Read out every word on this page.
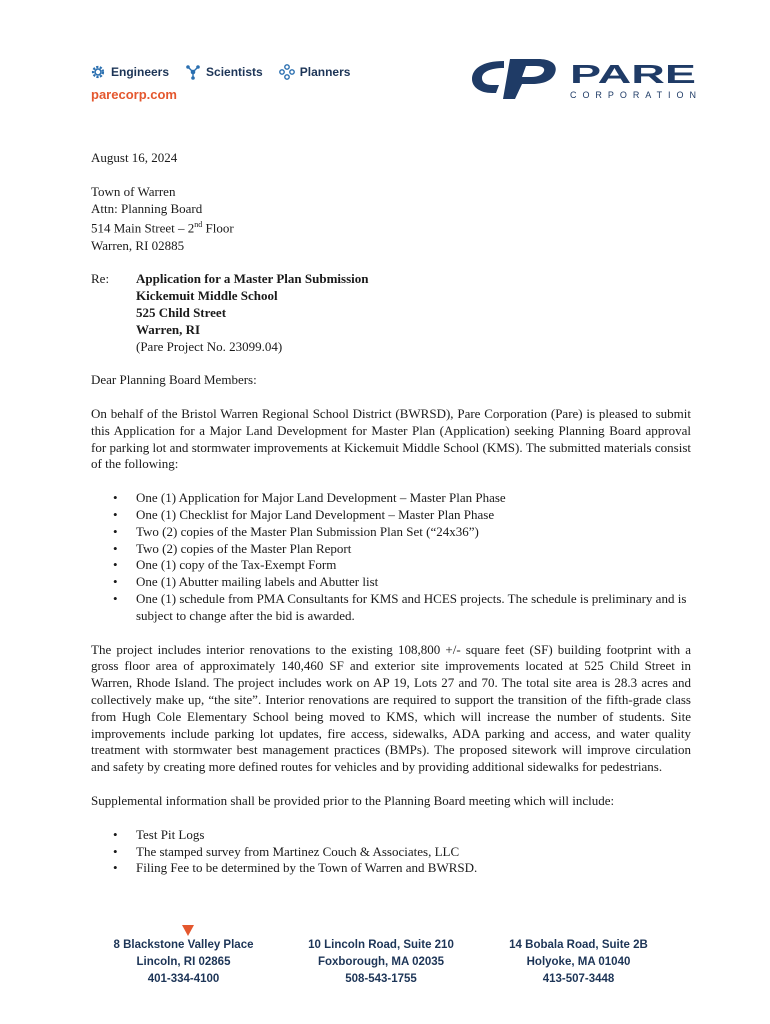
Engineers	Scientists	Planners
parecorp.com
PARE
CORPORATION

August 16, 2024

Town of Warren

Attn: Planning Board

514 Main Street – 2nd Floor

Warren, RI 02885

Re:	Application for a Master Plan Submission
Kickemuit Middle School
525 Child Street
Warren, RI
(Pare Project No. 23099.04)

Dear Planning Board Members:

On behalf of the Bristol Warren Regional School District (BWRSD), Pare Corporation (Pare) is pleased to submit this Application for a Major Land Development for Master Plan (Application) seeking Planning Board approval for parking lot and stormwater improvements at Kickemuit Middle School (KMS). The submitted materials consist of the following:

• One (1) Application for Major Land Development – Master Plan Phase
• One (1) Checklist for Major Land Development – Master Plan Phase
• Two (2) copies of the Master Plan Submission Plan Set (“24x36”)
• Two (2) copies of the Master Plan Report
• One (1) copy of the Tax-Exempt Form
• One (1) Abutter mailing labels and Abutter list
• One (1) schedule from PMA Consultants for KMS and HCES projects. The schedule is preliminary and is subject to change after the bid is awarded.

The project includes interior renovations to the existing 108,800 +/- square feet (SF) building footprint with a gross floor area of approximately 140,460 SF and exterior site improvements located at 525 Child Street in Warren, Rhode Island. The project includes work on AP 19, Lots 27 and 70. The total site area is 28.3 acres and collectively make up, “the site”. Interior renovations are required to support the transition of the fifth-grade class from Hugh Cole Elementary School being moved to KMS, which will increase the number of students. Site improvements include parking lot updates, fire access, sidewalks, ADA parking and access, and water quality treatment with stormwater best management practices (BMPs). The proposed sitework will improve circulation and safety by creating more defined routes for vehicles and by providing additional sidewalks for pedestrians.

Supplemental information shall be provided prior to the Planning Board meeting which will include:

• Test Pit Logs
• The stamped survey from Martinez Couch & Associates, LLC
• Filing Fee to be determined by the Town of Warren and BWRSD.
8 Blackstone Valley Place
Lincoln, RI 02865
401-334-4100
10 Lincoln Road, Suite 210
Foxborough, MA 02035
508-543-1755
14 Bobala Road, Suite 2B
Holyoke, MA 01040
413-507-3448
